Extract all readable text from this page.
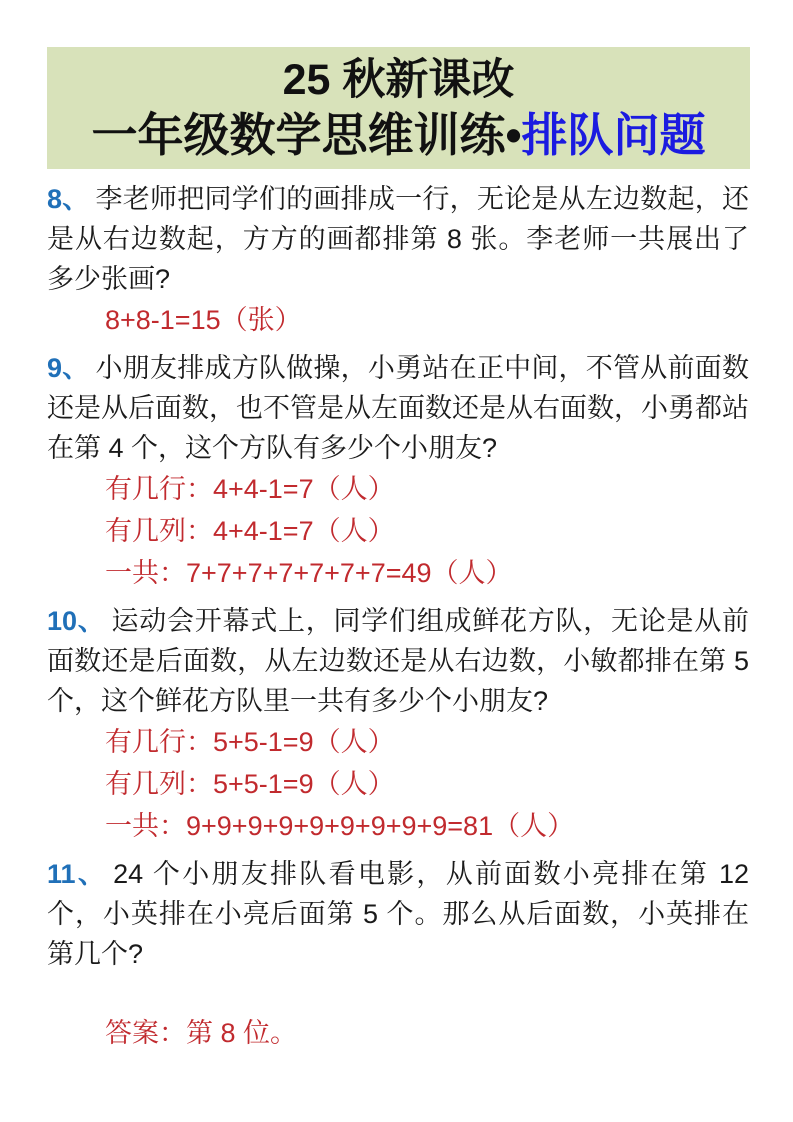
25 秋新课改
一年级数学思维训练•排队问题

8、 李老师把同学们的画排成一行，无论是从左边数起，还是从右边数起，方方的画都排第 8 张。李老师一共展出了多少张画?

8+8-1=15（张）

9、 小朋友排成方队做操，小勇站在正中间，不管从前面数还是从后面数，也不管是从左面数还是从右面数，小勇都站在第 4 个，这个方队有多少个小朋友?

有几行：4+4-1=7（人）
有几列：4+4-1=7（人）
一共：7+7+7+7+7+7+7=49（人）

10、 运动会开幕式上，同学们组成鲜花方队，无论是从前面数还是后面数，从左边数还是从右边数，小敏都排在第 5 个，这个鲜花方队里一共有多少个小朋友?

有几行：5+5-1=9（人）
有几列：5+5-1=9（人）
一共：9+9+9+9+9+9+9+9+9=81（人）

11、 24 个小朋友排队看电影，从前面数小亮排在第 12 个，小英排在小亮后面第 5 个。那么从后面数，小英排在第几个?

答案：第 8 位。
